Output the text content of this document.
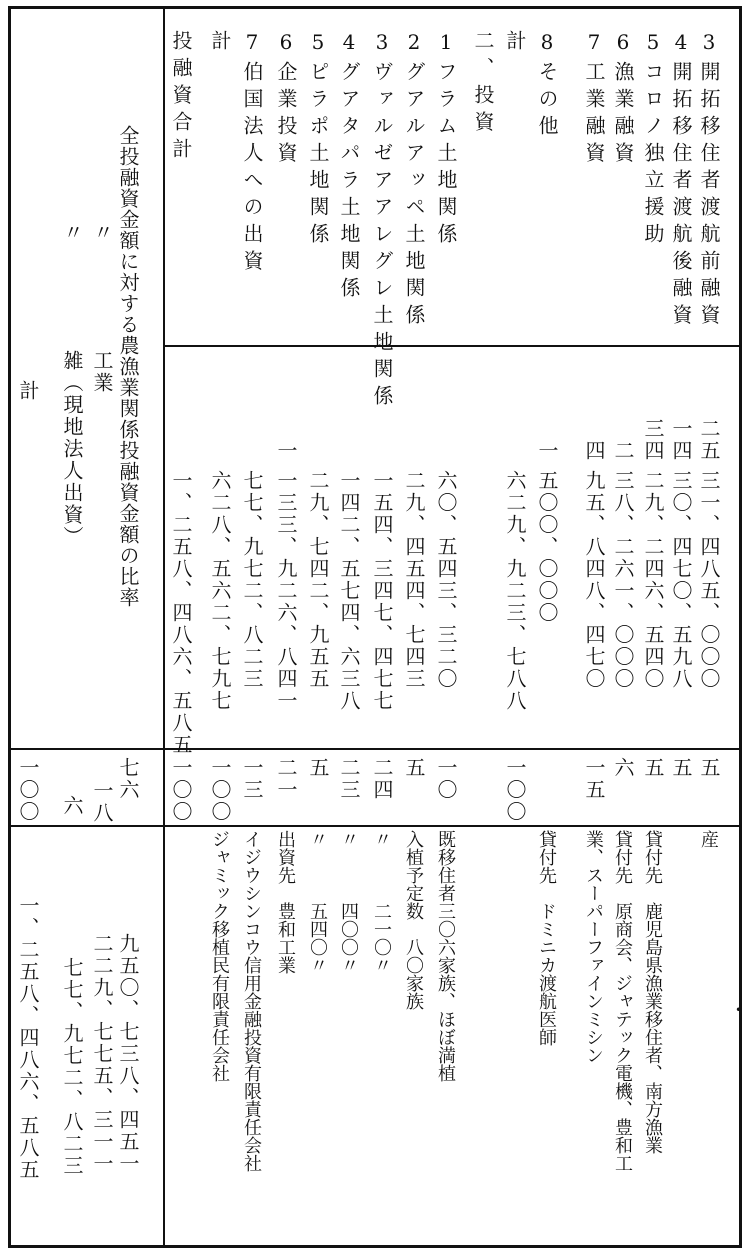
3開拓移住者渡航前融資
二五
三一、四八五、〇〇〇
五
産
4開拓移住者渡航後融資
一四
三〇、四七〇、五九八
五
5コロノ独立援助
三四
二九、二四六、五四〇
五
貸付先　鹿児島県漁業移住者、南方漁業
6漁業融資
二
三八、二六一、〇〇〇
六
貸付先　原商会、ジャテック電機、豊和工
7工業融資
四
九五、八四八、四七〇
一五
業、スーパーファインミシン
8その他
一
五〇〇、〇〇〇
貸付先　ドミニカ渡航医師
計
六二九、九二三、七八八
一〇〇
二、投資
1フラム土地関係
六〇、五四三、三二〇
一〇
既移住者三〇六家族、ほぼ満植
2グアルアッペ土地関係
二九、四五四、七四三
五
入植予定数　八〇家族
3ヴァルゼアアレグレ土地関係
一五四、三四七、四七七
二四
〃　　　二一〇〃
4グアタパラ土地関係
一四二、五七四、六三八
二三
〃　　　四〇〇〃
5ピラポ土地関係
二九、七四二、九五五
五
〃　　　五四〇〃
6企業投資
一
一三三、九二六、八四一
二一
出資先　豊和工業
7伯国法人への出資
七七、九七二、八二三
一三
イジウシンコウ信用金融投資有限責任会社
計
六二八、五六二、七九七
一〇〇
ジャミック移植民有限責任会社
投融資合計
一、二五八、四八六、五八五
一〇〇
全投融資金額に対する農漁業関係投融資金額の比率
〃
〃
工業
雑（現地法人出資）
計
七六
一八
六
一〇〇
九五〇、七三八、四五一
二二九、七七五、三一一
七七、九七二、八二三
一、二五八、四八六、五八五	•
